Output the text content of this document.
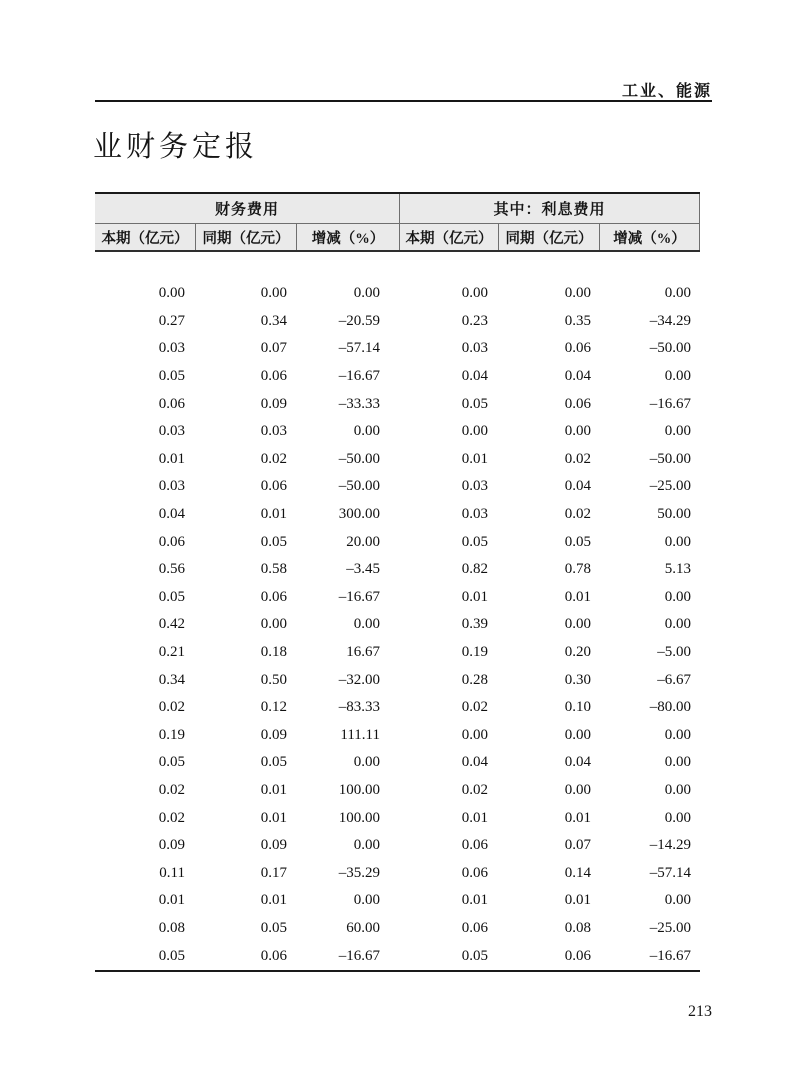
工业、能源
业财务定报
财务费用	其中：利息费用
本期（亿元） 同期（亿元）	增减（%）	本期（亿元） 同期（亿元）	增减（%）
0.00	0.00	0.00	0.00	0.00	0.00
0.27	0.34	–20.59	0.23	0.35	–34.29
0.03	0.07	–57.14	0.03	0.06	–50.00
0.05	0.06	–16.67	0.04	0.04	0.00
0.06	0.09	–33.33	0.05	0.06	–16.67
0.03	0.03	0.00	0.00	0.00	0.00
0.01	0.02	–50.00	0.01	0.02	–50.00
0.03	0.06	–50.00	0.03	0.04	–25.00
0.04	0.01	300.00	0.03	0.02	50.00
0.06	0.05	20.00	0.05	0.05	0.00
0.56	0.58	–3.45	0.82	0.78	5.13
0.05	0.06	–16.67	0.01	0.01	0.00
0.42	0.00	0.00	0.39	0.00	0.00
0.21	0.18	16.67	0.19	0.20	–5.00
0.34	0.50	–32.00	0.28	0.30	–6.67
0.02	0.12	–83.33	0.02	0.10	–80.00
0.19	0.09	111.11	0.00	0.00	0.00
0.05	0.05	0.00	0.04	0.04	0.00
0.02	0.01	100.00	0.02	0.00	0.00
0.02	0.01	100.00	0.01	0.01	0.00
0.09	0.09	0.00	0.06	0.07	–14.29
0.11	0.17	–35.29	0.06	0.14	–57.14
0.01	0.01	0.00	0.01	0.01	0.00
0.08	0.05	60.00	0.06	0.08	–25.00
0.05	0.06	–16.67	0.05	0.06	–16.67
213
